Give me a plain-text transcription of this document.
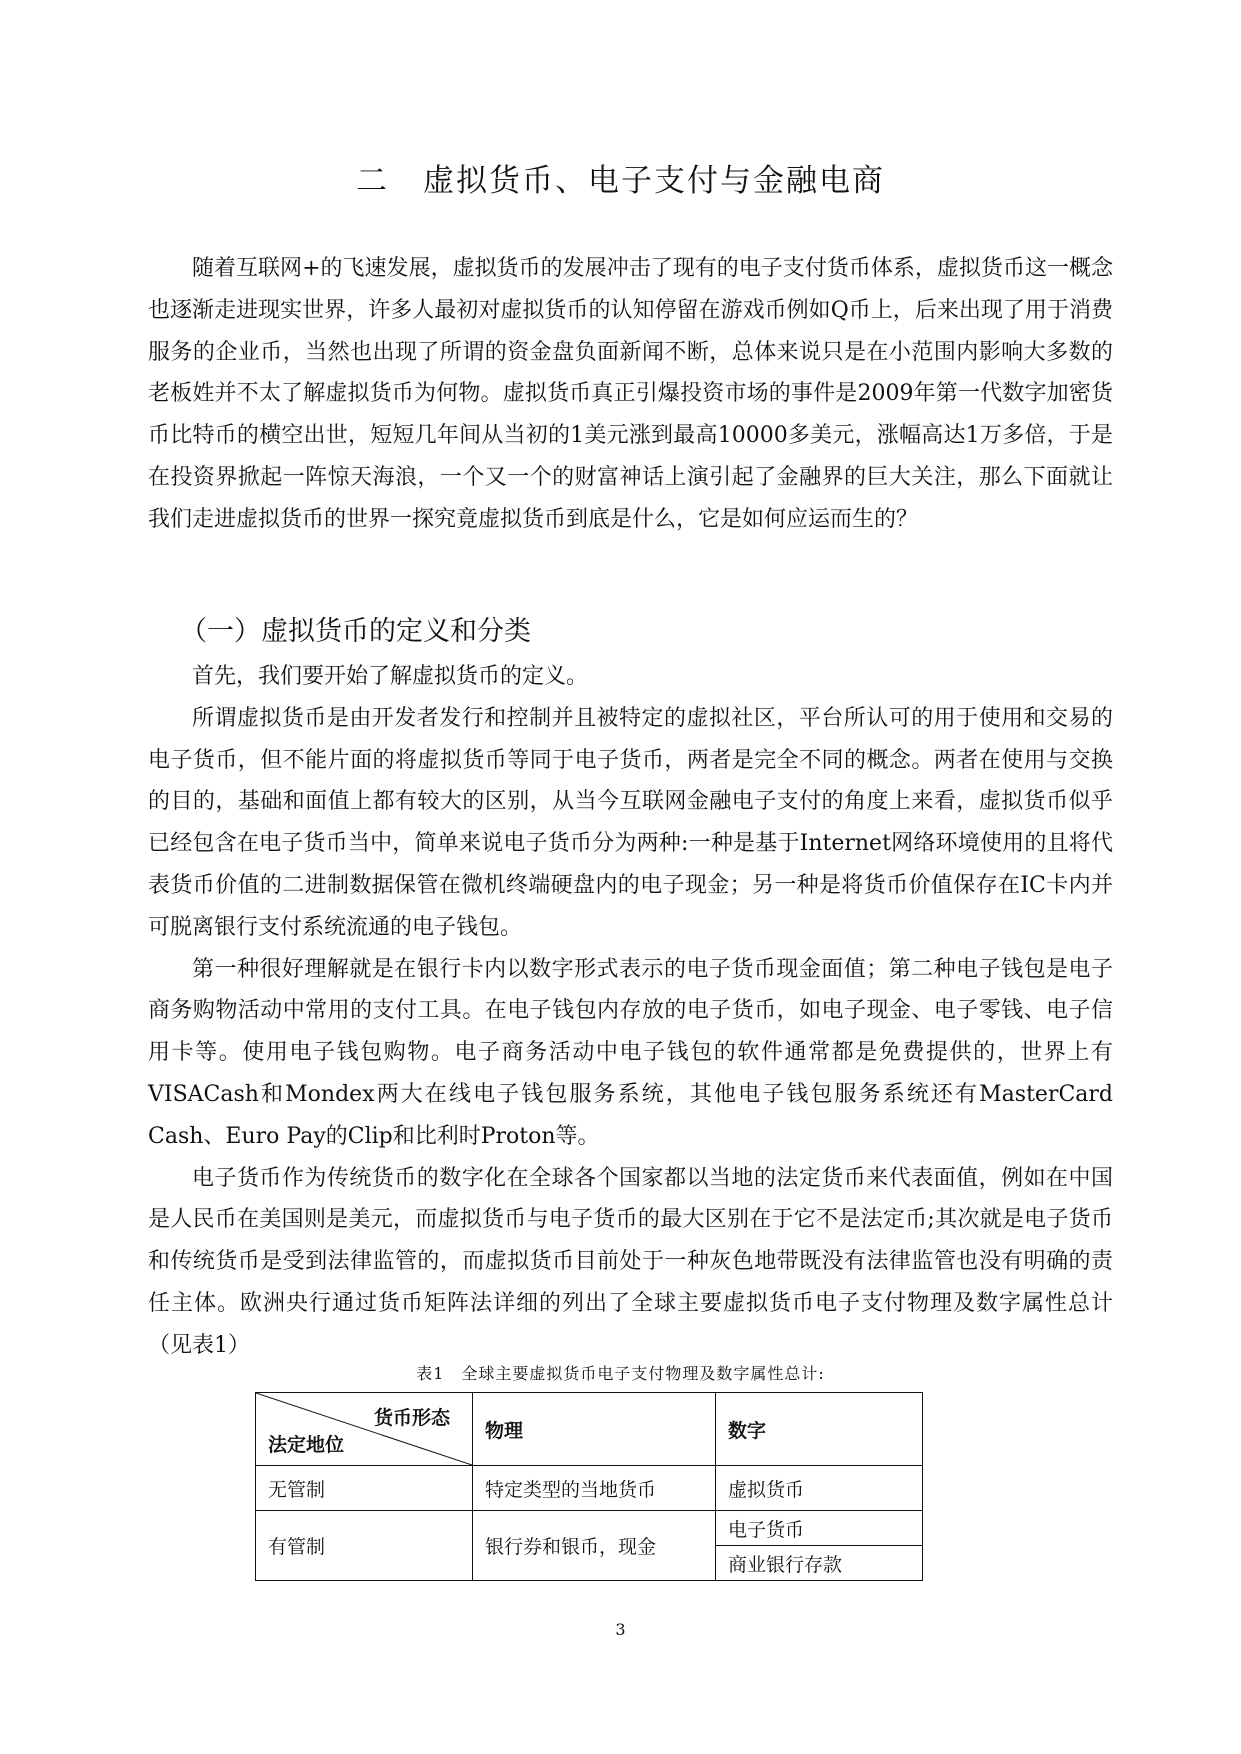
二 虚拟货币、电子支付与金融电商

随着互联网+的飞速发展，虚拟货币的发展冲击了现有的电子支付货币体系，虚拟货币这一概念也逐渐走进现实世界，许多人最初对虚拟货币的认知停留在游戏币例如Q币上，后来出现了用于消费服务的企业币，当然也出现了所谓的资金盘负面新闻不断，总体来说只是在小范围内影响大多数的老板姓并不太了解虚拟货币为何物。虚拟货币真正引爆投资市场的事件是2009年第一代数字加密货币比特币的横空出世，短短几年间从当初的1美元涨到最高10000多美元，涨幅高达1万多倍，于是在投资界掀起一阵惊天海浪，一个又一个的财富神话上演引起了金融界的巨大关注，那么下面就让我们走进虚拟货币的世界一探究竟虚拟货币到底是什么，它是如何应运而生的？

（一）虚拟货币的定义和分类

首先，我们要开始了解虚拟货币的定义。

所谓虚拟货币是由开发者发行和控制并且被特定的虚拟社区，平台所认可的用于使用和交易的电子货币，但不能片面的将虚拟货币等同于电子货币，两者是完全不同的概念。两者在使用与交换的目的，基础和面值上都有较大的区别，从当今互联网金融电子支付的角度上来看，虚拟货币似乎已经包含在电子货币当中，简单来说电子货币分为两种:一种是基于Internet网络环境使用的且将代表货币价值的二进制数据保管在微机终端硬盘内的电子现金；另一种是将货币价值保存在IC卡内并可脱离银行支付系统流通的电子钱包。

第一种很好理解就是在银行卡内以数字形式表示的电子货币现金面值；第二种电子钱包是电子商务购物活动中常用的支付工具。在电子钱包内存放的电子货币，如电子现金、电子零钱、电子信用卡等。使用电子钱包购物。电子商务活动中电子钱包的软件通常都是免费提供的，世界上有VISACash和Mondex两大在线电子钱包服务系统，其他电子钱包服务系统还有MasterCard Cash、Euro Pay的Clip和比利时Proton等。

电子货币作为传统货币的数字化在全球各个国家都以当地的法定货币来代表面值，例如在中国是人民币在美国则是美元，而虚拟货币与电子货币的最大区别在于它不是法定币;其次就是电子货币和传统货币是受到法律监管的，而虚拟货币目前处于一种灰色地带既没有法律监管也没有明确的责任主体。欧洲央行通过货币矩阵法详细的列出了全球主要虚拟货币电子支付物理及数字属性总计（见表1）

表1　全球主要虚拟货币电子支付物理及数字属性总计:
货币形态
法定地位	物理	数字
无管制	特定类型的当地货币	虚拟货币
有管制	银行券和银币，现金	电子货币
		商业银行存款
3
